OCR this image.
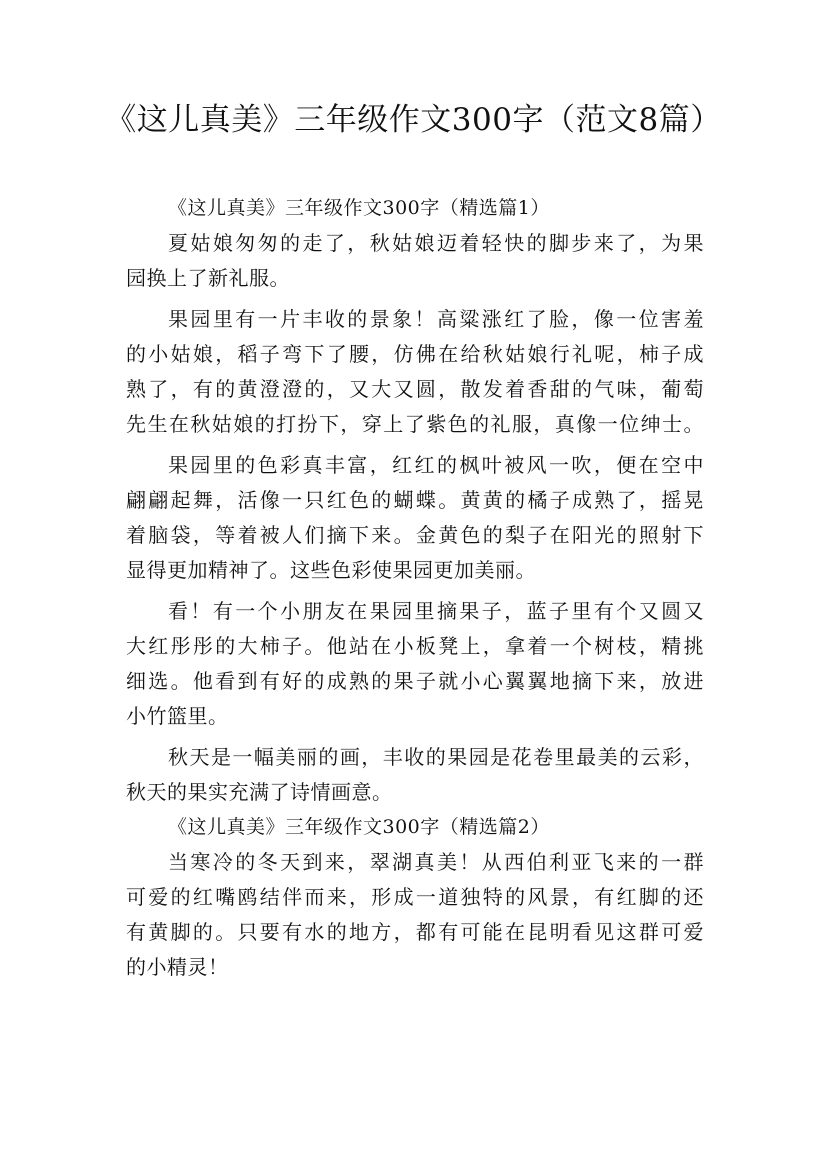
《这儿真美》三年级作文300字（范文8篇）
《这儿真美》三年级作文300字（精选篇1）
夏姑娘匆匆的走了，秋姑娘迈着轻快的脚步来了，为果
园换上了新礼服。
果园里有一片丰收的景象！高粱涨红了脸，像一位害羞
的小姑娘，稻子弯下了腰，仿佛在给秋姑娘行礼呢，柿子成
熟了，有的黄澄澄的，又大又圆，散发着香甜的气味，葡萄
先生在秋姑娘的打扮下，穿上了紫色的礼服，真像一位绅士。
果园里的色彩真丰富，红红的枫叶被风一吹，便在空中
翩翩起舞，活像一只红色的蝴蝶。黄黄的橘子成熟了，摇晃
着脑袋，等着被人们摘下来。金黄色的梨子在阳光的照射下
显得更加精神了。这些色彩使果园更加美丽。
看！有一个小朋友在果园里摘果子，蓝子里有个又圆又
大红彤彤的大柿子。他站在小板凳上，拿着一个树枝，精挑
细选。他看到有好的成熟的果子就小心翼翼地摘下来，放进
小竹篮里。
秋天是一幅美丽的画，丰收的果园是花卷里最美的云彩，
秋天的果实充满了诗情画意。
《这儿真美》三年级作文300字（精选篇2）
当寒冷的冬天到来，翠湖真美！从西伯利亚飞来的一群
可爱的红嘴鸥结伴而来，形成一道独特的风景，有红脚的还
有黄脚的。只要有水的地方，都有可能在昆明看见这群可爱
的小精灵！
